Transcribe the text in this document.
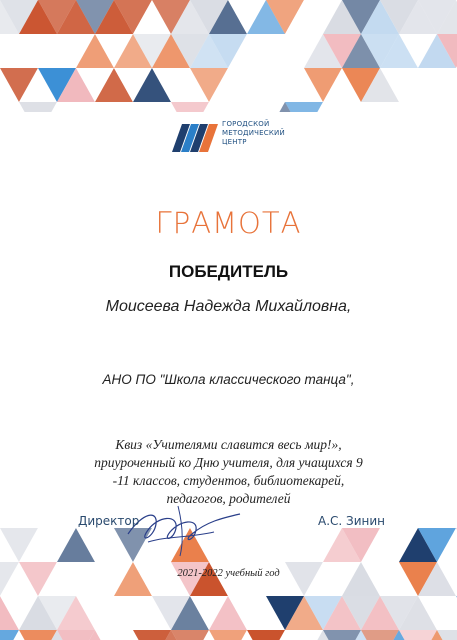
ГОРОДСКОЙ
МЕТОДИЧЕСКИЙ
ЦЕНТР
ГРАМОТА
ПОБЕДИТЕЛЬ
Моисеева Надежда Михайловна,
АНО ПО "Школа классического танца",
Квиз «Учителями славится весь мир!»,
приуроченный ко Дню учителя, для учащихся 9
-11 классов, студентов, библиотекарей,
педагогов, родителей
Директор	А.С. Зинин
2021-2022 учебный год
